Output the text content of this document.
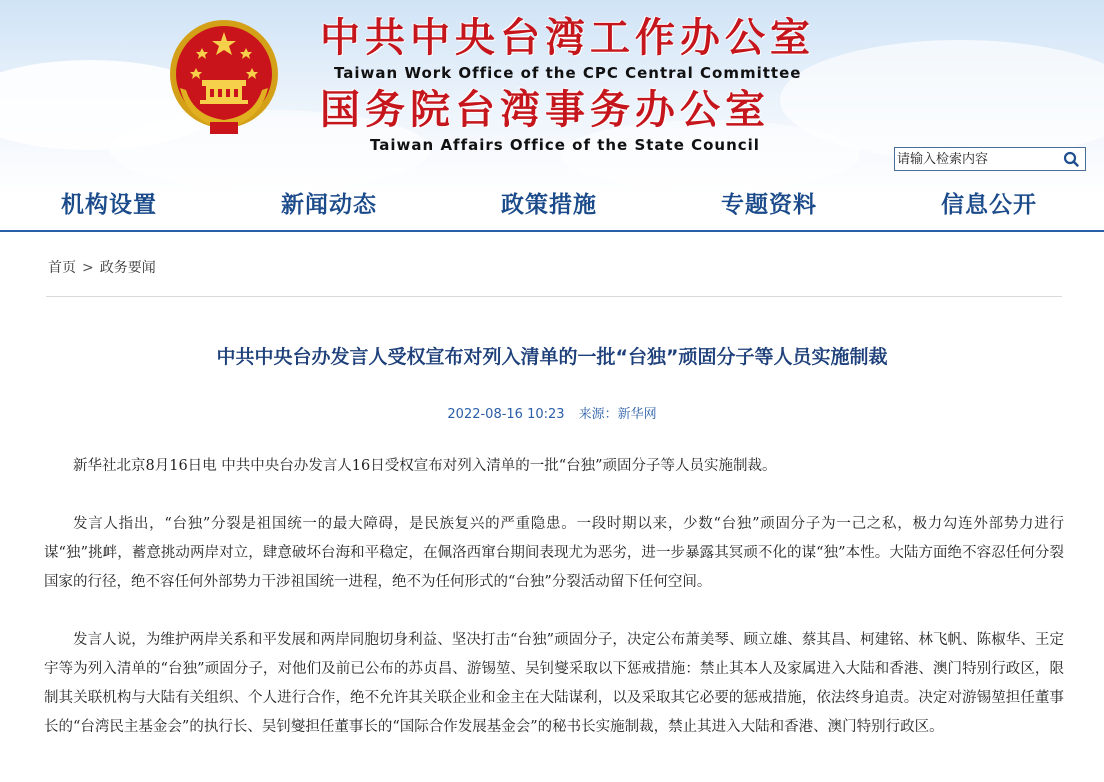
中共中央台湾工作办公室
Taiwan Work Office of the CPC Central Committee
国务院台湾事务办公室
Taiwan Affairs Office of the State Council
请输入检索内容
机构设置	新闻动态	政策措施	专题资料	信息公开
首页 > 政务要闻
中共中央台办发言人受权宣布对列入清单的一批“台独”顽固分子等人员实施制裁
2022-08-16 10:23 来源：新华网

新华社北京8月16日电 中共中央台办发言人16日受权宣布对列入清单的一批“台独”顽固分子等人员实施制裁。

发言人指出，“台独”分裂是祖国统一的最大障碍，是民族复兴的严重隐患。一段时期以来，少数“台独”顽固分子为一己之私，极力勾连外部势力进行谋“独”挑衅，蓄意挑动两岸对立，肆意破坏台海和平稳定，在佩洛西窜台期间表现尤为恶劣，进一步暴露其冥顽不化的谋“独”本性。大陆方面绝不容忍任何分裂国家的行径，绝不容任何外部势力干涉祖国统一进程，绝不为任何形式的“台独”分裂活动留下任何空间。

发言人说，为维护两岸关系和平发展和两岸同胞切身利益、坚决打击“台独”顽固分子，决定公布萧美琴、顾立雄、蔡其昌、柯建铭、林飞帆、陈椒华、王定宇等为列入清单的“台独”顽固分子，对他们及前已公布的苏贞昌、游锡堃、吴钊燮采取以下惩戒措施：禁止其本人及家属进入大陆和香港、澳门特别行政区，限制其关联机构与大陆有关组织、个人进行合作，绝不允许其关联企业和金主在大陆谋利，以及采取其它必要的惩戒措施，依法终身追责。决定对游锡堃担任董事长的“台湾民主基金会”的执行长、吴钊燮担任董事长的“国际合作发展基金会”的秘书长实施制裁，禁止其进入大陆和香港、澳门特别行政区。
